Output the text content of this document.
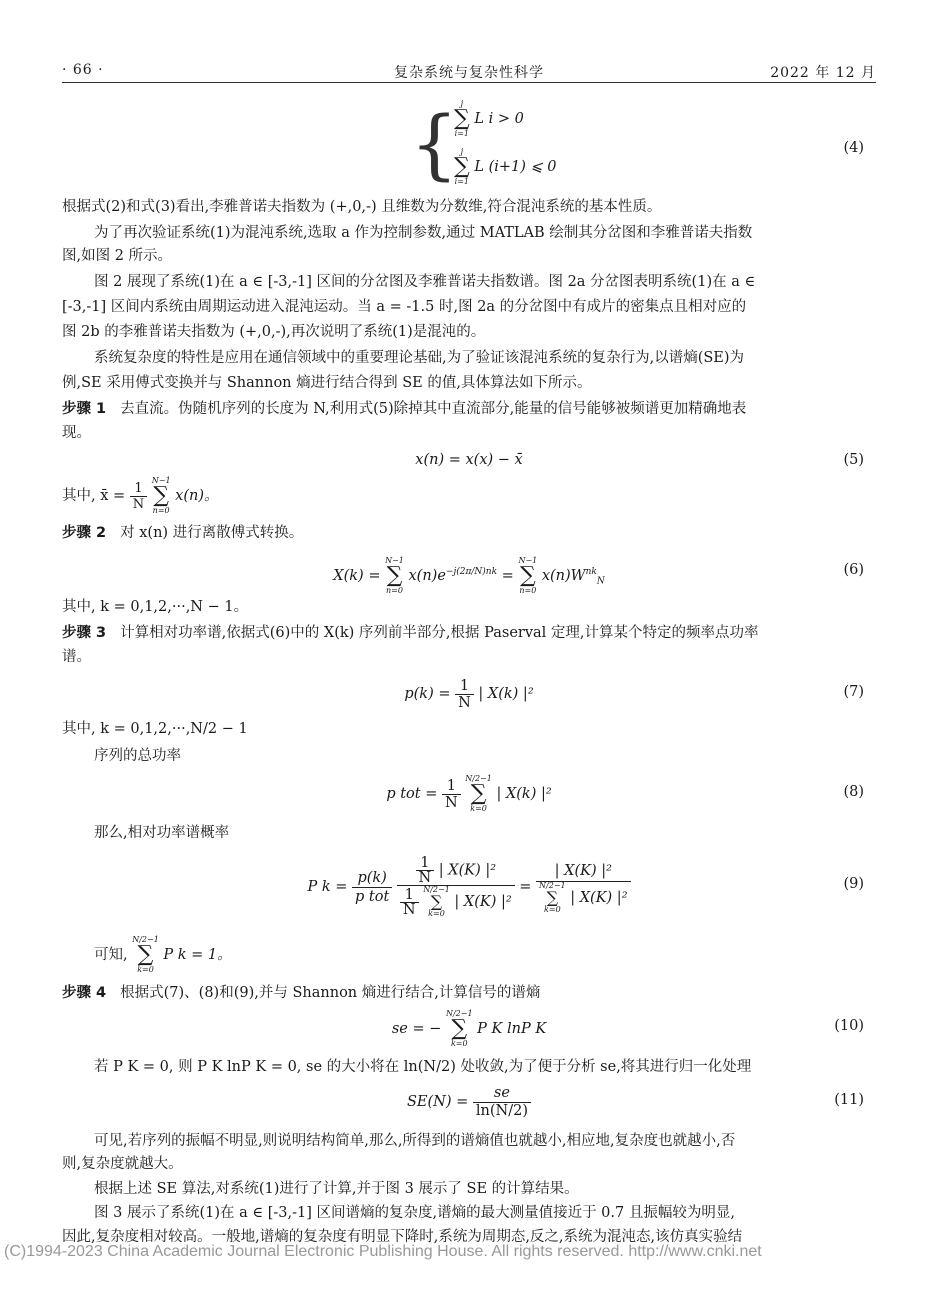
· 66 ·	复杂系统与复杂性科学	2022 年 12 月
{ j
∑
i=1
L i > 0
j
∑
i=1
L (i+1) ⩽ 0
(4)
根据式(2)和式(3)看出,李雅普诺夫指数为 (+,0,-) 且维数为分数维,符合混沌系统的基本性质。
为了再次验证系统(1)为混沌系统,选取 a 作为控制参数,通过 MATLAB 绘制其分岔图和李雅普诺夫指数
图,如图 2 所示。
图 2 展现了系统(1)在 a ∈ [-3,-1] 区间的分岔图及李雅普诺夫指数谱。图 2a 分岔图表明系统(1)在 a ∈
[-3,-1] 区间内系统由周期运动进入混沌运动。当 a = -1.5 时,图 2a 的分岔图中有成片的密集点且相对应的
图 2b 的李雅普诺夫指数为 (+,0,-),再次说明了系统(1)是混沌的。
系统复杂度的特性是应用在通信领域中的重要理论基础,为了验证该混沌系统的复杂行为,以谱熵(SE)为
例,SE 采用傅式变换并与 Shannon 熵进行结合得到 SE 的值,具体算法如下所示。
步骤 1 去直流。伪随机序列的长度为 N,利用式(5)除掉其中直流部分,能量的信号能够被频谱更加精确地表
现。
x(n) = x(x) − x̄	(5)
其中, x̄ = $\frac{1}{N}$
N−1
∑
n=0
x(n)。
步骤 2 对 x(n) 进行离散傅式转换。
X(k) =
N−1
∑
n=0
$x(n)e^{-j(2\pi/N)nk}$ =
N−1
∑
n=0
$x(n)W^{nk}_N$
(6)
其中, k = 0,1,2,···,N − 1。
步骤 3 计算相对功率谱,依据式(6)中的 X(k) 序列前半部分,根据 Paserval 定理,计算某个特定的频率点功率
谱。
$p(k) = \frac{1}{N}$ | X(k) |²	(7)
其中, k = 0,1,2,···,N/2 − 1
序列的总功率
p tot = $\frac{1}{N}$
N/2−1
∑
k=0
| X(k) |²	(8)
那么,相对功率谱概率
P $k = \frac{p(k)}{\text{p tot}}$
$\frac{1}{N}$ | X(K) |²
$\frac{1}{N}$
N/2−1
∑
k=0
| X(K) |² = | X(K) |²
N/2−1
∑
k=0
| X(K) |²	(9)
可知,
N/2−1
∑
k=0
P k = 1。
步骤 4 根据式(7)、(8)和(9),并与 Shannon 熵进行结合,计算信号的谱熵
se = −
N/2−1
∑
k=0
P K lnP K	(10)
若 P K = 0, 则 P K lnP K = 0, se 的大小将在 ln(N/2) 处收敛,为了便于分析 se,将其进行归一化处理
$SE(N) = \frac{se}{\ln(N/2)}$	(11)
可见,若序列的振幅不明显,则说明结构简单,那么,所得到的谱熵值也就越小,相应地,复杂度也就越小,否
则,复杂度就越大。
根据上述 SE 算法,对系统(1)进行了计算,并于图 3 展示了 SE 的计算结果。
图 3 展示了系统(1)在 a ∈ [-3,-1] 区间谱熵的复杂度,谱熵的最大测量值接近于 0.7 且振幅较为明显,
因此,复杂度相对较高。一般地,谱熵的复杂度有明显下降时,系统为周期态,反之,系统为混沌态,该仿真实验结
(C)1994-2023 China Academic Journal Electronic Publishing House. All rights reserved. http://www.cnki.net
